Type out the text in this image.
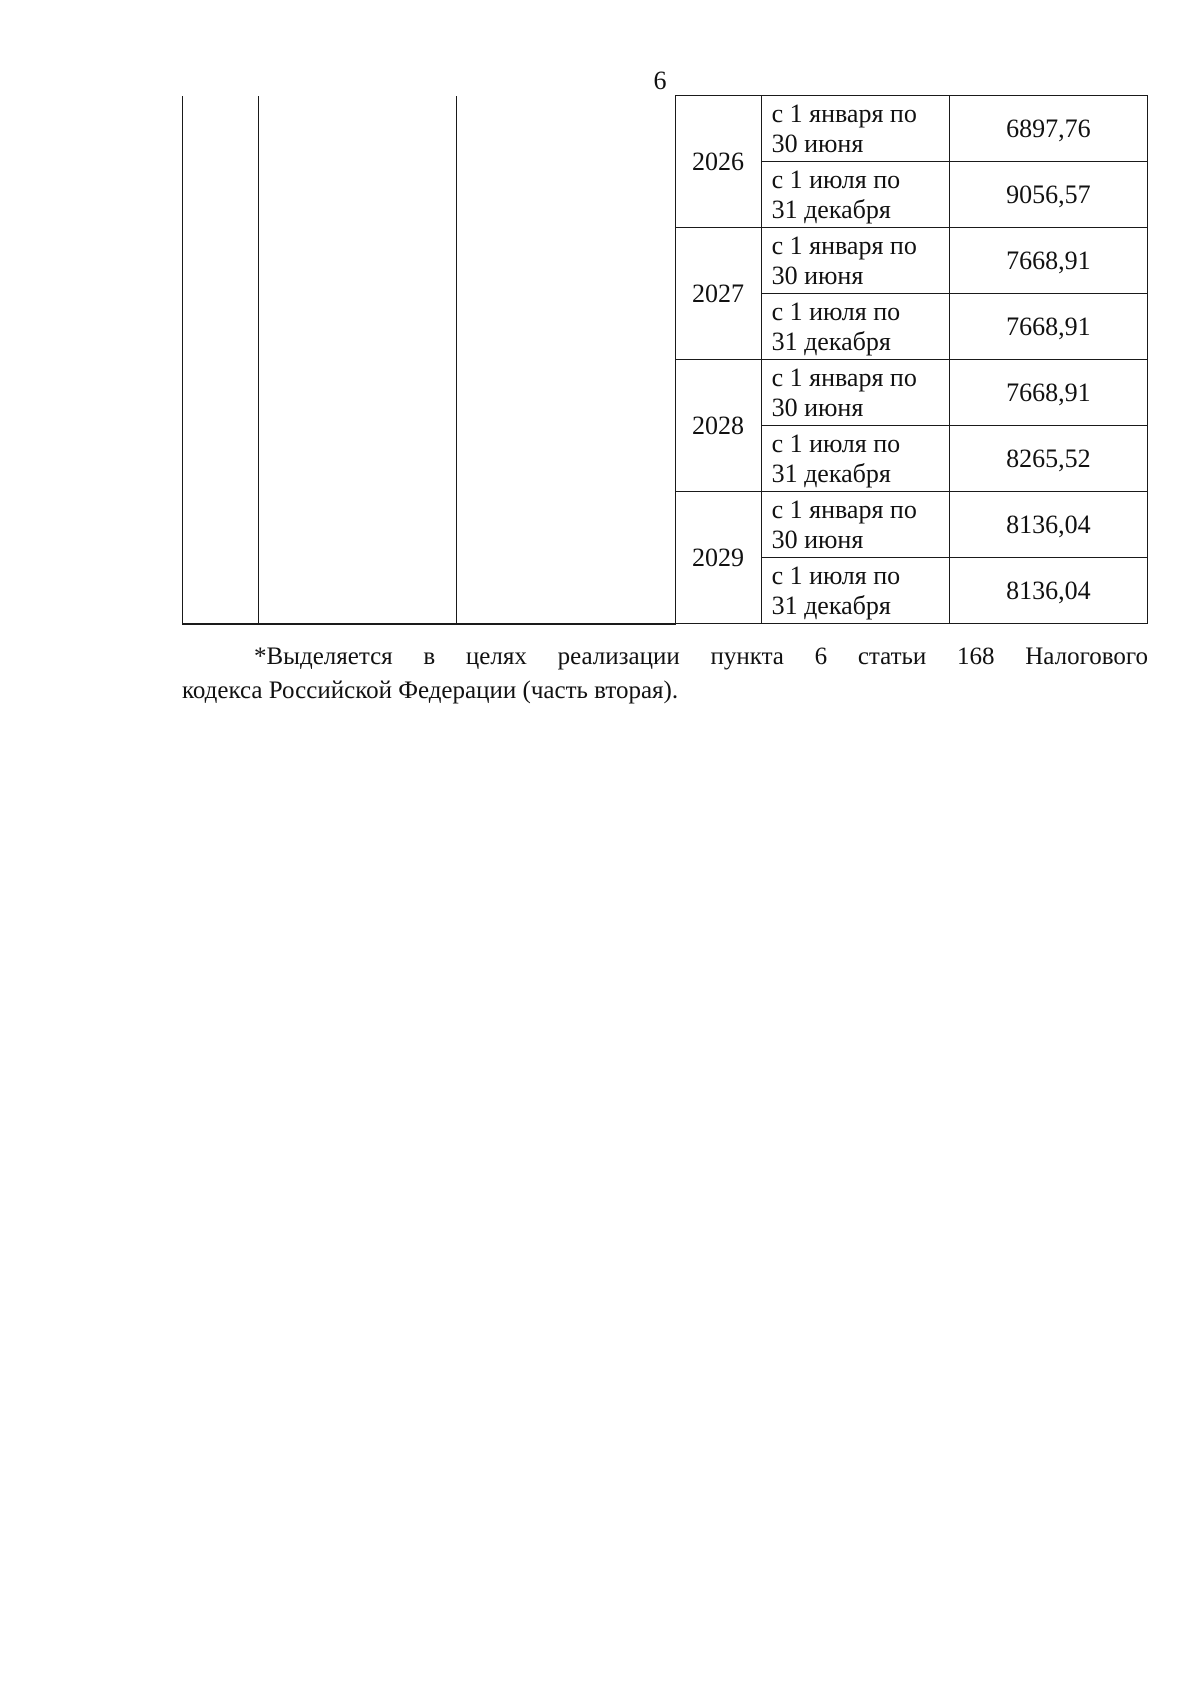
6
			2026	с 1 января по
30 июня	6897,76

				с 1 июля по
31 декабря	9056,57
			2027	с 1 января по
30 июня	7668,91

				с 1 июля по
31 декабря	7668,91
			2028	с 1 января по
30 июня	7668,91

				с 1 июля по
31 декабря	8265,52
			2029	с 1 января по
30 июня	8136,04

				с 1 июля по
31 декабря	8136,04
*Выделяется в целях реализации пункта 6 статьи 168 Налогового
кодекса Российской Федерации (часть вторая).
